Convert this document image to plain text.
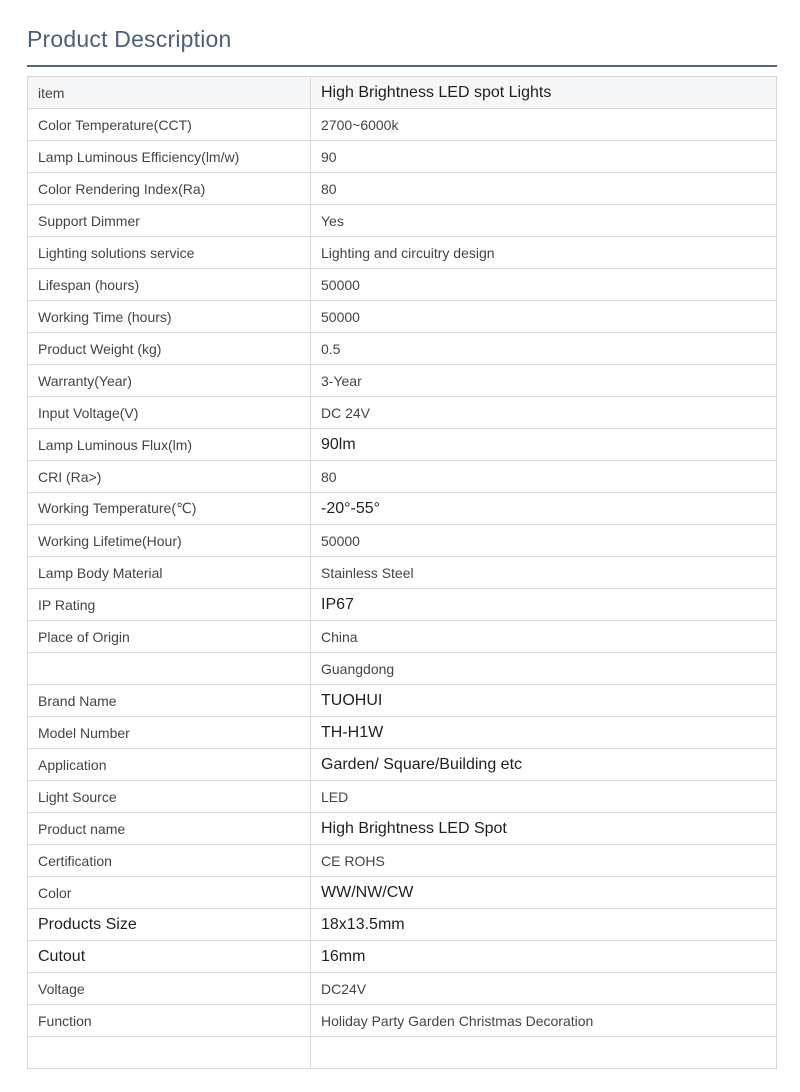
Product Description
item	High Brightness LED spot Lights
Color Temperature(CCT)	2700~6000k
Lamp Luminous Efficiency(lm/w)	90
Color Rendering Index(Ra)	80
Support Dimmer	Yes
Lighting solutions service	Lighting and circuitry design
Lifespan (hours)	50000
Working Time (hours)	50000
Product Weight (kg)	0.5
Warranty(Year)	3-Year
Input Voltage(V)	DC 24V
Lamp Luminous Flux(lm)	90lm
CRI (Ra>)	80
Working Temperature(℃)	-20°-55°
Working Lifetime(Hour)	50000
Lamp Body Material	Stainless Steel
IP Rating	IP67
Place of Origin	China
	Guangdong
Brand Name	TUOHUI
Model Number	TH-H1W
Application	Garden/ Square/Building etc
Light Source	LED
Product name	High Brightness LED Spot
Certification	CE ROHS
Color	WW/NW/CW
Products Size	18x13.5mm
Cutout	16mm
Voltage	DC24V
Function	Holiday Party Garden Christmas Decoration
